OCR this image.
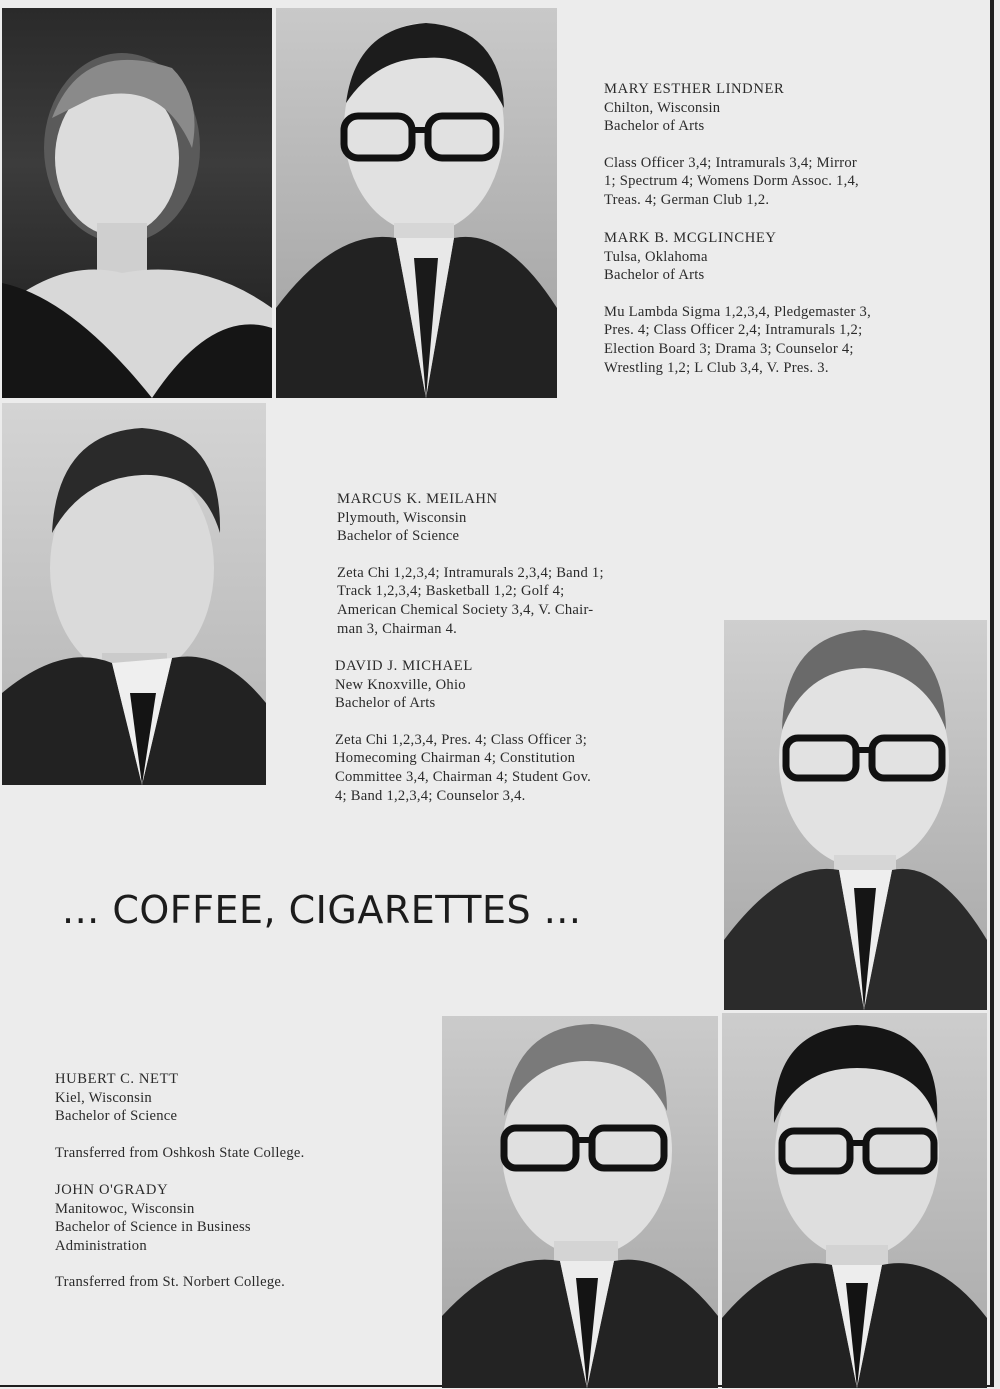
MARY ESTHER LINDNER

Chilton, Wisconsin

Bachelor of Arts

Class Officer 3,4; Intramurals 3,4; Mirror

1; Spectrum 4; Womens Dorm Assoc. 1,4,

Treas. 4; German Club 1,2.

MARK B. MCGLINCHEY

Tulsa, Oklahoma

Bachelor of Arts

Mu Lambda Sigma 1,2,3,4, Pledgemaster 3,

Pres. 4; Class Officer 2,4; Intramurals 1,2;

Election Board 3; Drama 3; Counselor 4;

Wrestling 1,2; L Club 3,4, V. Pres. 3.

MARCUS K. MEILAHN

Plymouth, Wisconsin

Bachelor of Science

Zeta Chi 1,2,3,4; Intramurals 2,3,4; Band 1;

Track 1,2,3,4; Basketball 1,2; Golf 4;

American Chemical Society 3,4, V. Chair-

man 3, Chairman 4.

DAVID J. MICHAEL

New Knoxville, Ohio

Bachelor of Arts

Zeta Chi 1,2,3,4, Pres. 4; Class Officer 3;

Homecoming Chairman 4; Constitution

Committee 3,4, Chairman 4; Student Gov.

4; Band 1,2,3,4; Counselor 3,4.

... COFFEE, CIGARETTES ...

HUBERT C. NETT

Kiel, Wisconsin

Bachelor of Science

Transferred from Oshkosh State College.

JOHN O'GRADY

Manitowoc, Wisconsin

Bachelor of Science in Business

Administration

Transferred from St. Norbert College.
